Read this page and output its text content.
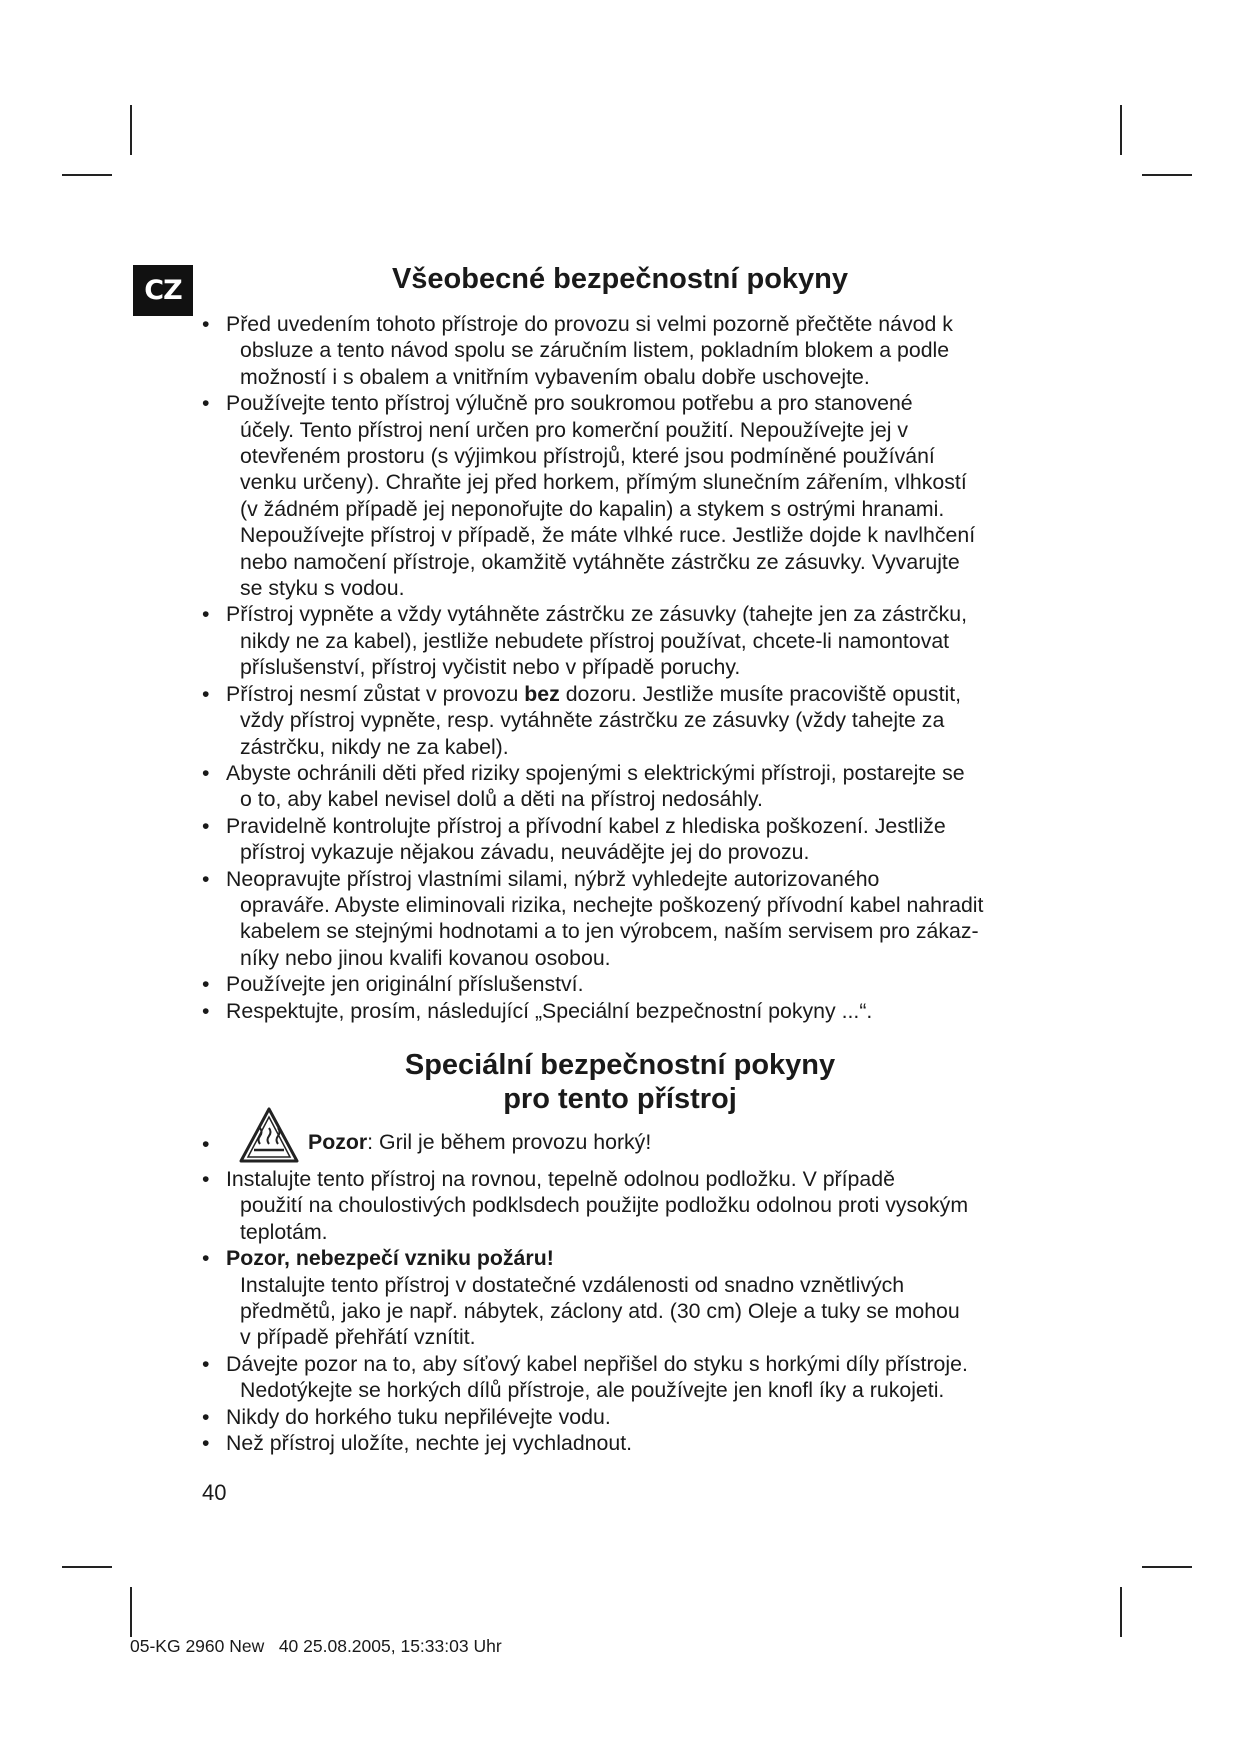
CZ	Všeobecné bezpečnostní pokyny
• Před uvedením tohoto přístroje do provozu si velmi pozorně přečtěte návod k
obsluze a tento návod spolu se záručním listem, pokladním blokem a podle
možností i s obalem a vnitřním vybavením obalu dobře uschovejte.
• Používejte tento přístroj výlučně pro soukromou potřebu a pro stanovené
účely. Tento přístroj není určen pro komerční použití. Nepoužívejte jej v
otevřeném prostoru (s výjimkou přístrojů, které jsou podmíněné používání
venku určeny). Chraňte jej před horkem, přímým slunečním zářením, vlhkostí
(v žádném případě jej neponořujte do kapalin) a stykem s ostrými hranami.
Nepoužívejte přístroj v případě, že máte vlhké ruce. Jestliže dojde k navlhčení
nebo namočení přístroje, okamžitě vytáhněte zástrčku ze zásuvky. Vyvarujte
se styku s vodou.
• Přístroj vypněte a vždy vytáhněte zástrčku ze zásuvky (tahejte jen za zástrčku,
nikdy ne za kabel), jestliže nebudete přístroj používat, chcete-li namontovat
příslušenství, přístroj vyčistit nebo v případě poruchy.
• Přístroj nesmí zůstat v provozu bez dozoru. Jestliže musíte pracoviště opustit,
vždy přístroj vypněte, resp. vytáhněte zástrčku ze zásuvky (vždy tahejte za
zástrčku, nikdy ne za kabel).
• Abyste ochránili děti před riziky spojenými s elektrickými přístroji, postarejte se
o to, aby kabel nevisel dolů a děti na přístroj nedosáhly.
• Pravidelně kontrolujte přístroj a přívodní kabel z hlediska poškození. Jestliže
přístroj vykazuje nějakou závadu, neuvádějte jej do provozu.
• Neopravujte přístroj vlastními silami, nýbrž vyhledejte autorizovaného
opraváře. Abyste eliminovali rizika, nechejte poškozený přívodní kabel nahradit
kabelem se stejnými hodnotami a to jen výrobcem, naším servisem pro zákaz-
níky nebo jinou kvalifi kovanou osobou.
• Používejte jen originální příslušenství.
• Respektujte, prosím, následující „Speciální bezpečnostní pokyny ...“.
Speciální bezpečnostní pokyny
pro tento přístroj
•	Pozor: Gril je během provozu horký!
• Instalujte tento přístroj na rovnou, tepelně odolnou podložku. V případě
použití na choulostivých podklsdech použijte podložku odolnou proti vysokým
teplotám.
• Pozor, nebezpečí vzniku požáru!
Instalujte tento přístroj v dostatečné vzdálenosti od snadno vznětlivých
předmětů, jako je např. nábytek, záclony atd. (30 cm) Oleje a tuky se mohou
v případě přehřátí vznítit.
• Dávejte pozor na to, aby síťový kabel nepřišel do styku s horkými díly přístroje.
Nedotýkejte se horkých dílů přístroje, ale používejte jen knofl íky a rukojeti.
• Nikdy do horkého tuku nepřilévejte vodu.
• Než přístroj uložíte, nechte jej vychladnout.
40
05-KG 2960 New   40 25.08.2005, 15:33:03 Uhr
